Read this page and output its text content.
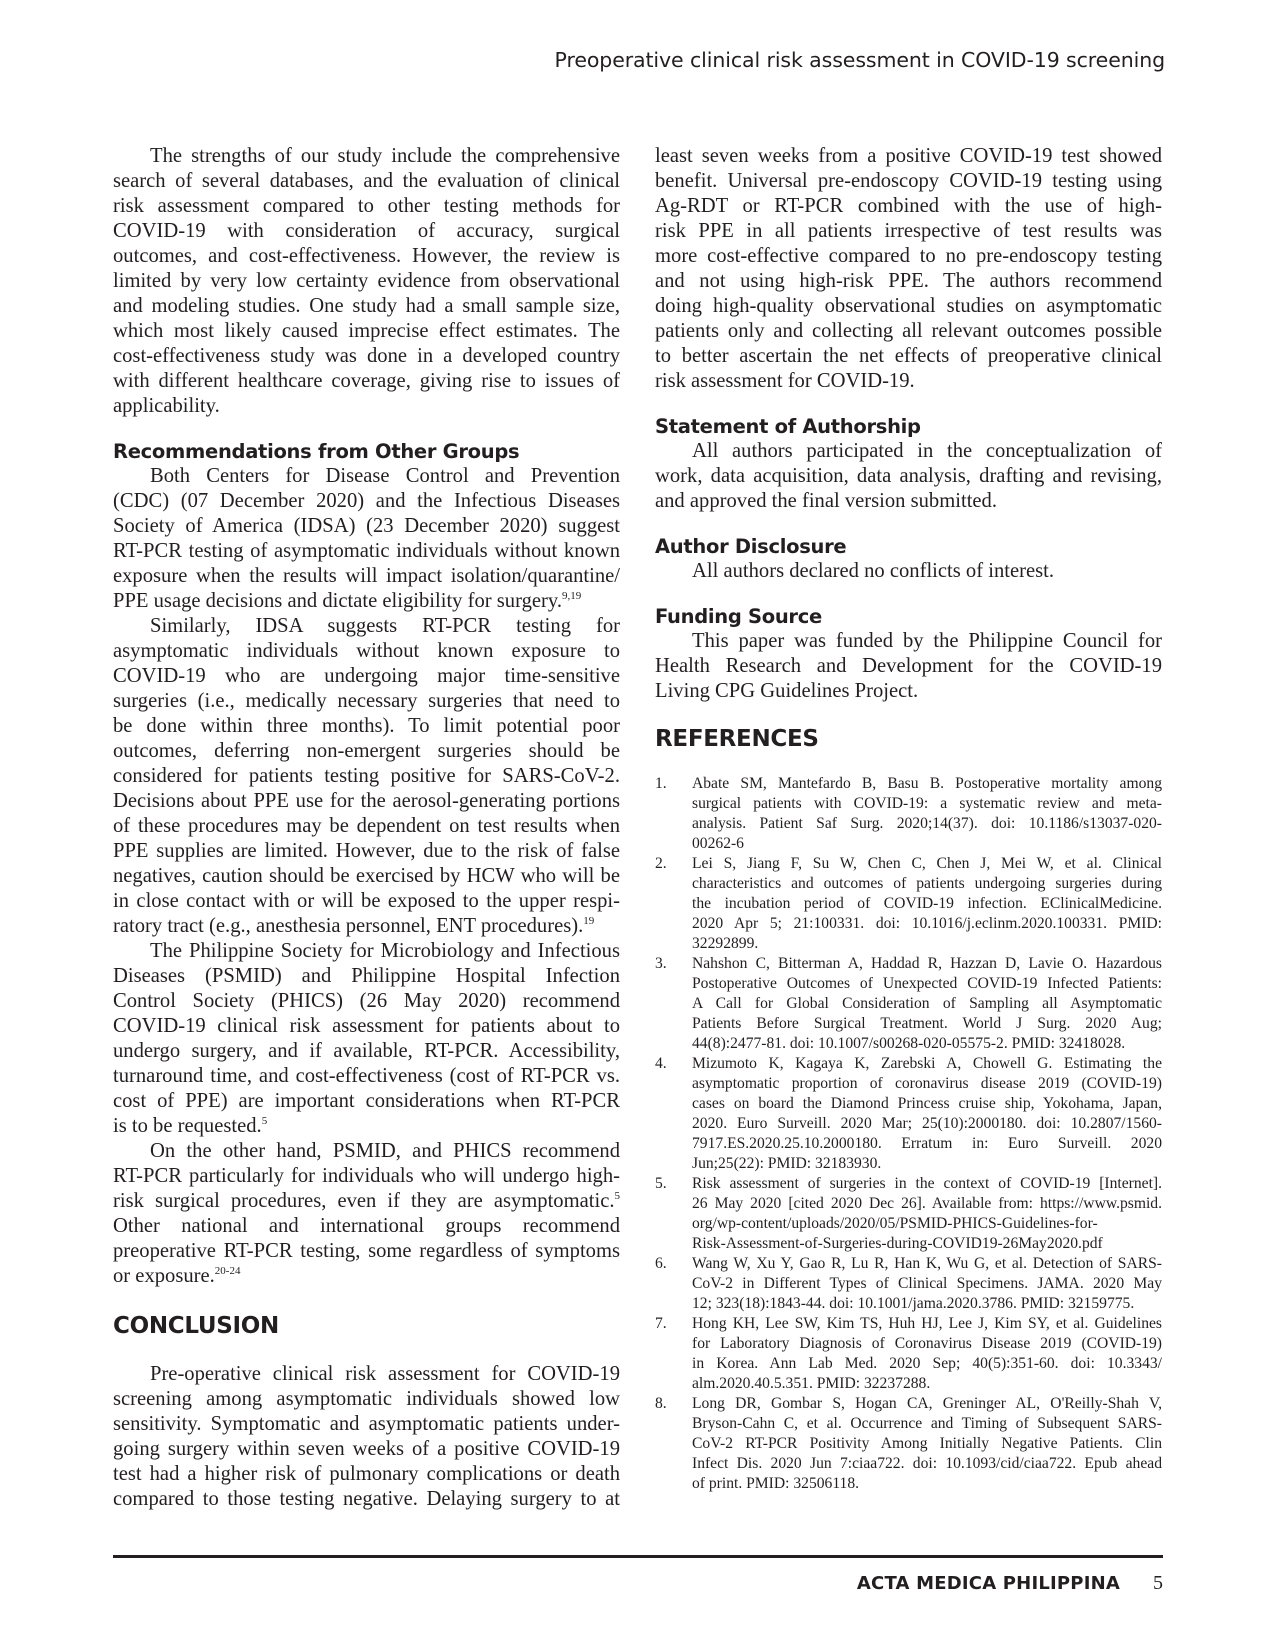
Preoperative clinical risk assessment in COVID-19 screening
The strengths of our study include the comprehensive
search of several databases, and the evaluation of clinical
risk assessment compared to other testing methods for
COVID-19 with consideration of accuracy, surgical
outcomes, and cost-effectiveness. However, the review is
limited by very low certainty evidence from observational
and modeling studies. One study had a small sample size,
which most likely caused imprecise effect estimates. The
cost-effectiveness study was done in a developed country
with different healthcare coverage, giving rise to issues of
applicability.
Recommendations from Other Groups
Both Centers for Disease Control and Prevention
(CDC) (07 December 2020) and the Infectious Diseases
Society of America (IDSA) (23 December 2020) suggest
RT-PCR testing of asymptomatic individuals without known
exposure when the results will impact isolation/quarantine/
PPE usage decisions and dictate eligibility for surgery.$^{9,19}$
Similarly, IDSA suggests RT-PCR testing for
asymptomatic individuals without known exposure to
COVID-19 who are undergoing major time-sensitive
surgeries (i.e., medically necessary surgeries that need to
be done within three months). To limit potential poor
outcomes, deferring non-emergent surgeries should be
considered for patients testing positive for SARS-CoV-2.
Decisions about PPE use for the aerosol-generating portions
of these procedures may be dependent on test results when
PPE supplies are limited. However, due to the risk of false
negatives, caution should be exercised by HCW who will be
in close contact with or will be exposed to the upper respi-
ratory tract (e.g., anesthesia personnel, ENT procedures).$^{19}$
The Philippine Society for Microbiology and Infectious
Diseases (PSMID) and Philippine Hospital Infection
Control Society (PHICS) (26 May 2020) recommend
COVID-19 clinical risk assessment for patients about to
undergo surgery, and if available, RT-PCR. Accessibility,
turnaround time, and cost-effectiveness (cost of RT-PCR vs.
cost of PPE) are important considerations when RT-PCR
is to be requested.$^5$
On the other hand, PSMID, and PHICS recommend
RT-PCR particularly for individuals who will undergo high-
risk surgical procedures, even if they are asymptomatic.$^5$
Other national and international groups recommend
preoperative RT-PCR testing, some regardless of symptoms
or exposure.$^{20-24}$
CONCLUSION
Pre-operative clinical risk assessment for COVID-19
screening among asymptomatic individuals showed low
sensitivity. Symptomatic and asymptomatic patients under-
going surgery within seven weeks of a positive COVID-19
test had a higher risk of pulmonary complications or death
compared to those testing negative. Delaying surgery to at
least seven weeks from a positive COVID-19 test showed
benefit. Universal pre-endoscopy COVID-19 testing using
Ag-RDT or RT-PCR combined with the use of high-
risk PPE in all patients irrespective of test results was
more cost-effective compared to no pre-endoscopy testing
and not using high-risk PPE. The authors recommend
doing high-quality observational studies on asymptomatic
patients only and collecting all relevant outcomes possible
to better ascertain the net effects of preoperative clinical
risk assessment for COVID-19.
Statement of Authorship
All authors participated in the conceptualization of
work, data acquisition, data analysis, drafting and revising,
and approved the final version submitted.
Author Disclosure
All authors declared no conflicts of interest.
Funding Source
This paper was funded by the Philippine Council for
Health Research and Development for the COVID-19
Living CPG Guidelines Project.
REFERENCES
1. Abate SM, Mantefardo B, Basu B. Postoperative mortality among
surgical patients with COVID-19: a systematic review and meta-
analysis. Patient Saf Surg. 2020;14(37). doi: 10.1186/s13037-020-
00262-6
2. Lei S, Jiang F, Su W, Chen C, Chen J, Mei W, et al. Clinical
characteristics and outcomes of patients undergoing surgeries during
the incubation period of COVID-19 infection. EClinicalMedicine.
2020 Apr 5; 21:100331. doi: 10.1016/j.eclinm.2020.100331. PMID:
32292899.
3. Nahshon C, Bitterman A, Haddad R, Hazzan D, Lavie O. Hazardous
Postoperative Outcomes of Unexpected COVID-19 Infected Patients:
A Call for Global Consideration of Sampling all Asymptomatic
Patients Before Surgical Treatment. World J Surg. 2020 Aug;
44(8):2477-81. doi: 10.1007/s00268-020-05575-2. PMID: 32418028.
4. Mizumoto K, Kagaya K, Zarebski A, Chowell G. Estimating the
asymptomatic proportion of coronavirus disease 2019 (COVID-19)
cases on board the Diamond Princess cruise ship, Yokohama, Japan,
2020. Euro Surveill. 2020 Mar; 25(10):2000180. doi: 10.2807/1560-
7917.ES.2020.25.10.2000180. Erratum in: Euro Surveill. 2020
Jun;25(22): PMID: 32183930.
5. Risk assessment of surgeries in the context of COVID-19 [Internet].
26 May 2020 [cited 2020 Dec 26]. Available from: https://www.psmid.
org/wp-content/uploads/2020/05/PSMID-PHICS-Guidelines-for-
Risk-Assessment-of-Surgeries-during-COVID19-26May2020.pdf
6. Wang W, Xu Y, Gao R, Lu R, Han K, Wu G, et al. Detection of SARS-
CoV-2 in Different Types of Clinical Specimens. JAMA. 2020 May
12; 323(18):1843-44. doi: 10.1001/jama.2020.3786. PMID: 32159775.
7. Hong KH, Lee SW, Kim TS, Huh HJ, Lee J, Kim SY, et al. Guidelines
for Laboratory Diagnosis of Coronavirus Disease 2019 (COVID-19)
in Korea. Ann Lab Med. 2020 Sep; 40(5):351-60. doi: 10.3343/
alm.2020.40.5.351. PMID: 32237288.
8. Long DR, Gombar S, Hogan CA, Greninger AL, O'Reilly-Shah V,
Bryson-Cahn C, et al. Occurrence and Timing of Subsequent SARS-
CoV-2 RT-PCR Positivity Among Initially Negative Patients. Clin
Infect Dis. 2020 Jun 7:ciaa722. doi: 10.1093/cid/ciaa722. Epub ahead
of print. PMID: 32506118.
ACTA MEDICA PHILIPPINA 5
